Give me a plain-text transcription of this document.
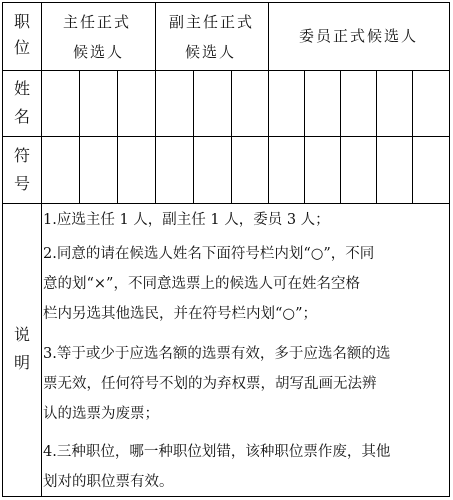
职
位
主任正式
候选人
副主任正式
候选人
委员正式候选人
姓
名
符
号
说
明
1.应选主任 1 人，副主任 1 人，委员 3 人；
2.同意的请在候选人姓名下面符号栏内划“○”，不同
意的划“×”，不同意选票上的候选人可在姓名空格
栏内另选其他选民，并在符号栏内划“○”；
3.等于或少于应选名额的选票有效，多于应选名额的选
票无效，任何符号不划的为弃权票，胡写乱画无法辨
认的选票为废票；
4.三种职位，哪一种职位划错，该种职位票作废，其他
划对的职位票有效。
